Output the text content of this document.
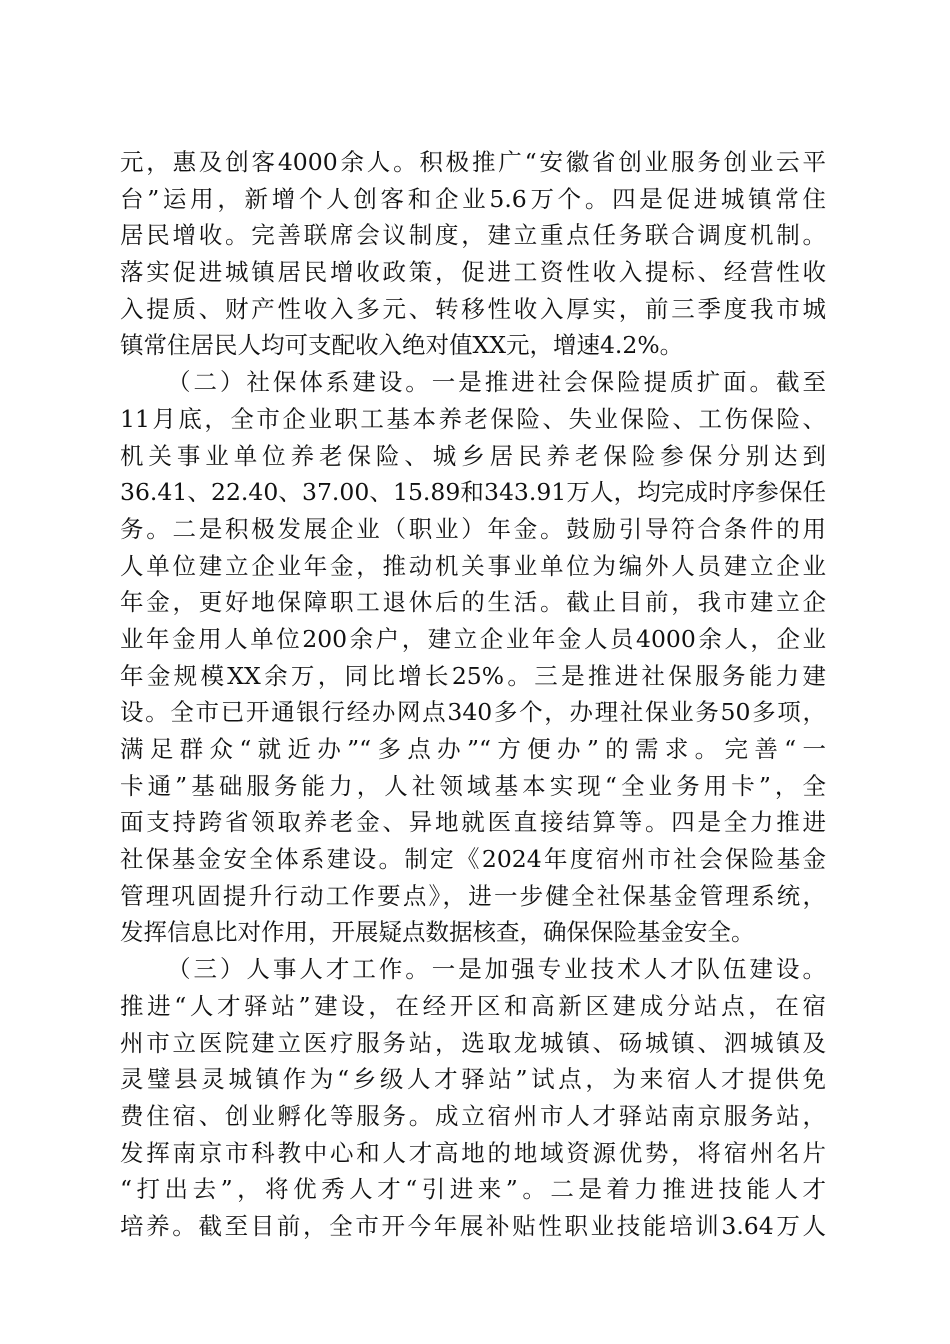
元，惠及创客4000余人。积极推广“安徽省创业服务创业云平
台”运用，新增个人创客和企业5.6万个。四是促进城镇常住
居民增收。完善联席会议制度，建立重点任务联合调度机制。
落实促进城镇居民增收政策，促进工资性收入提标、经营性收
入提质、财产性收入多元、转移性收入厚实，前三季度我市城
镇常住居民人均可支配收入绝对值XX元，增速4.2%。
（二）社保体系建设。一是推进社会保险提质扩面。截至
11月底，全市企业职工基本养老保险、失业保险、工伤保险、
机关事业单位养老保险、城乡居民养老保险参保分别达到
36.41、22.40、37.00、15.89和343.91万人，均完成时序参保任
务。二是积极发展企业（职业）年金。鼓励引导符合条件的用
人单位建立企业年金，推动机关事业单位为编外人员建立企业
年金，更好地保障职工退休后的生活。截止目前，我市建立企
业年金用人单位200余户，建立企业年金人员4000余人，企业
年金规模XX余万，同比增长25%。三是推进社保服务能力建
设。全市已开通银行经办网点340多个，办理社保业务50多项，
满足群众“就近办”“多点办”“方便办”的需求。完善“一
卡通”基础服务能力，人社领域基本实现“全业务用卡”，全
面支持跨省领取养老金、异地就医直接结算等。四是全力推进
社保基金安全体系建设。制定《2024年度宿州市社会保险基金
管理巩固提升行动工作要点》，进一步健全社保基金管理系统，
发挥信息比对作用，开展疑点数据核查，确保保险基金安全。
（三）人事人才工作。一是加强专业技术人才队伍建设。
推进“人才驿站”建设，在经开区和高新区建成分站点，在宿
州市立医院建立医疗服务站，选取龙城镇、砀城镇、泗城镇及
灵璧县灵城镇作为“乡级人才驿站”试点，为来宿人才提供免
费住宿、创业孵化等服务。成立宿州市人才驿站南京服务站，
发挥南京市科教中心和人才高地的地域资源优势，将宿州名片
“打出去”，将优秀人才“引进来”。二是着力推进技能人才
培养。截至目前，全市开今年展补贴性职业技能培训3.64万人
